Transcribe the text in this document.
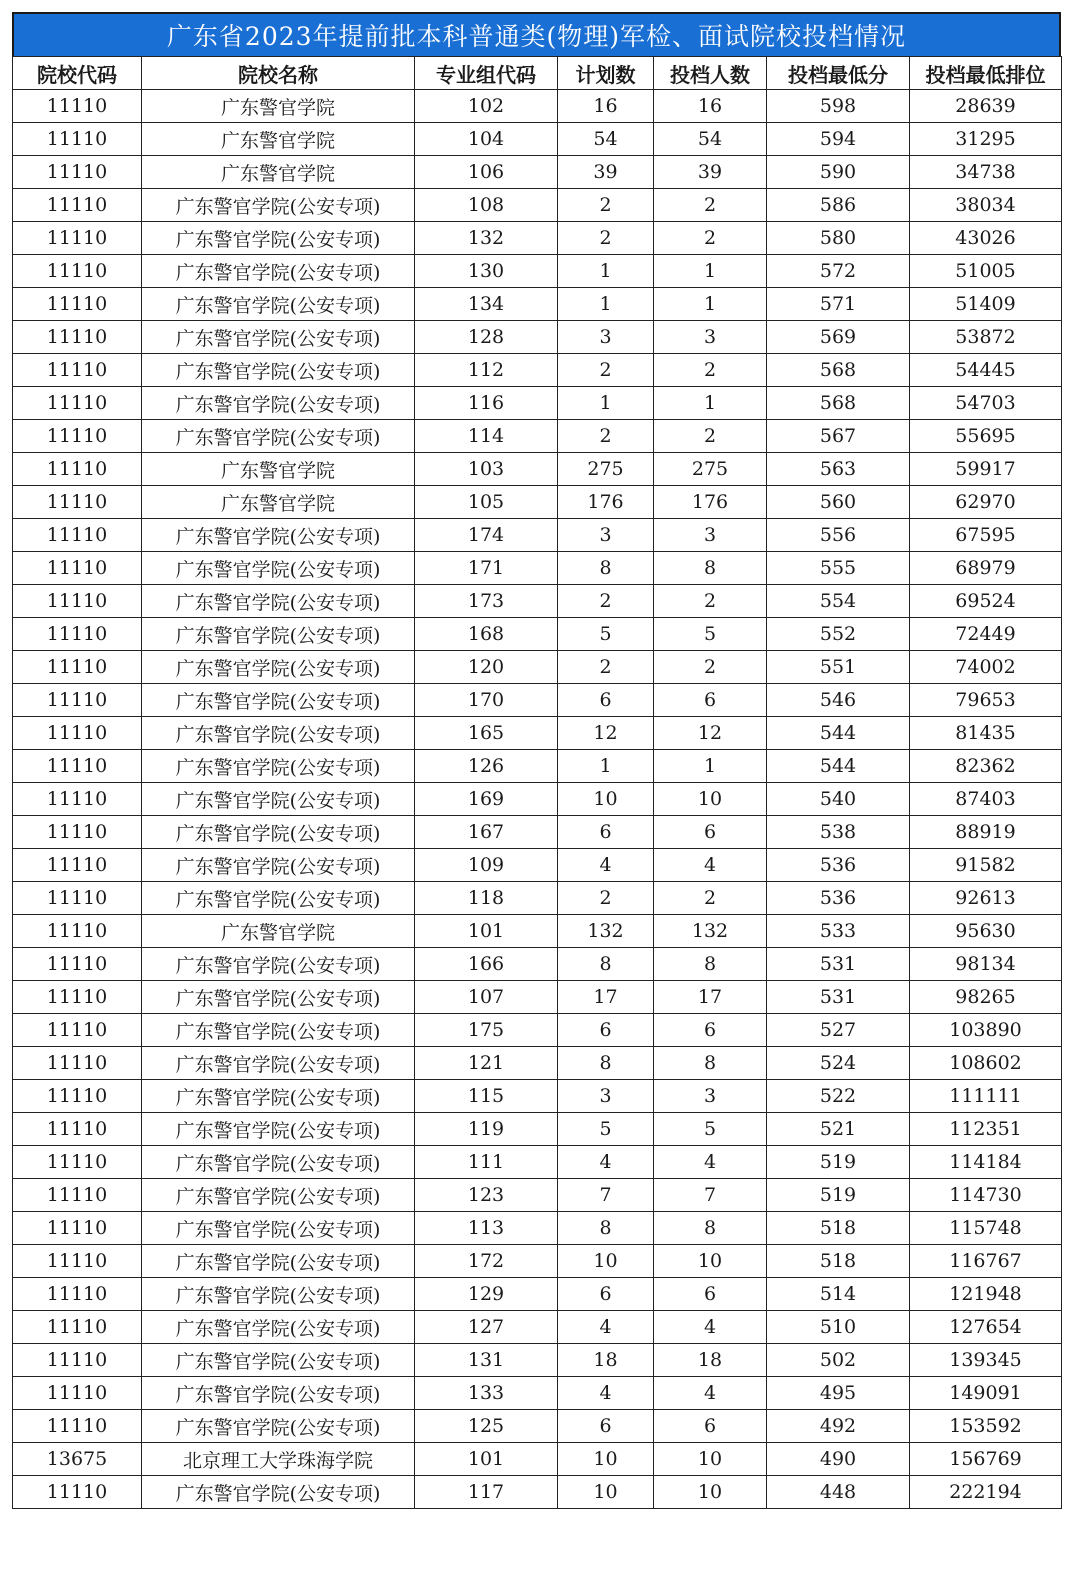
广东省2023年提前批本科普通类(物理)军检、面试院校投档情况
院校代码	院校名称	专业组代码	计划数	投档人数	投档最低分	投档最低排位
11110	广东警官学院	102	16	16	598	28639
11110	广东警官学院	104	54	54	594	31295
11110	广东警官学院	106	39	39	590	34738
11110	广东警官学院(公安专项)	108	2	2	586	38034
11110	广东警官学院(公安专项)	132	2	2	580	43026
11110	广东警官学院(公安专项)	130	1	1	572	51005
11110	广东警官学院(公安专项)	134	1	1	571	51409
11110	广东警官学院(公安专项)	128	3	3	569	53872
11110	广东警官学院(公安专项)	112	2	2	568	54445
11110	广东警官学院(公安专项)	116	1	1	568	54703
11110	广东警官学院(公安专项)	114	2	2	567	55695
11110	广东警官学院	103	275	275	563	59917
11110	广东警官学院	105	176	176	560	62970
11110	广东警官学院(公安专项)	174	3	3	556	67595
11110	广东警官学院(公安专项)	171	8	8	555	68979
11110	广东警官学院(公安专项)	173	2	2	554	69524
11110	广东警官学院(公安专项)	168	5	5	552	72449
11110	广东警官学院(公安专项)	120	2	2	551	74002
11110	广东警官学院(公安专项)	170	6	6	546	79653
11110	广东警官学院(公安专项)	165	12	12	544	81435
11110	广东警官学院(公安专项)	126	1	1	544	82362
11110	广东警官学院(公安专项)	169	10	10	540	87403
11110	广东警官学院(公安专项)	167	6	6	538	88919
11110	广东警官学院(公安专项)	109	4	4	536	91582
11110	广东警官学院(公安专项)	118	2	2	536	92613
11110	广东警官学院	101	132	132	533	95630
11110	广东警官学院(公安专项)	166	8	8	531	98134
11110	广东警官学院(公安专项)	107	17	17	531	98265
11110	广东警官学院(公安专项)	175	6	6	527	103890
11110	广东警官学院(公安专项)	121	8	8	524	108602
11110	广东警官学院(公安专项)	115	3	3	522	111111
11110	广东警官学院(公安专项)	119	5	5	521	112351
11110	广东警官学院(公安专项)	111	4	4	519	114184
11110	广东警官学院(公安专项)	123	7	7	519	114730
11110	广东警官学院(公安专项)	113	8	8	518	115748
11110	广东警官学院(公安专项)	172	10	10	518	116767
11110	广东警官学院(公安专项)	129	6	6	514	121948
11110	广东警官学院(公安专项)	127	4	4	510	127654
11110	广东警官学院(公安专项)	131	18	18	502	139345
11110	广东警官学院(公安专项)	133	4	4	495	149091
11110	广东警官学院(公安专项)	125	6	6	492	153592
13675	北京理工大学珠海学院	101	10	10	490	156769
11110	广东警官学院(公安专项)	117	10	10	448	222194
